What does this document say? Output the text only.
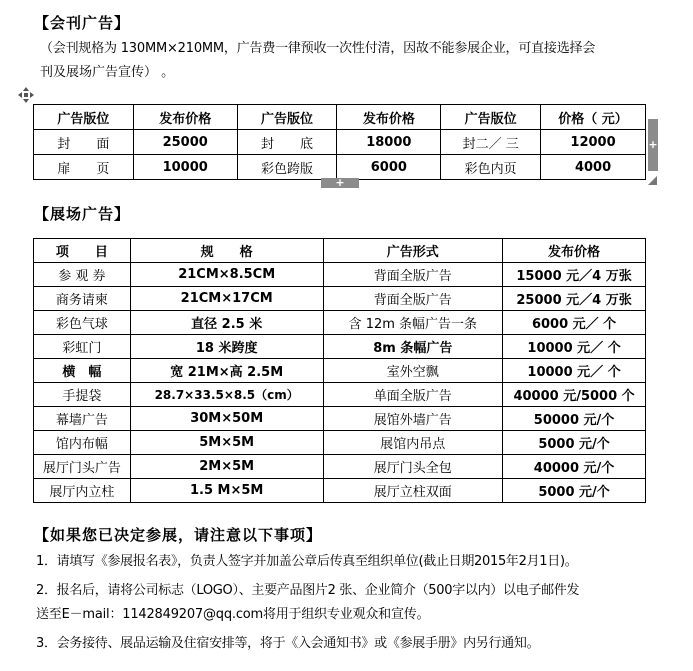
【会刊广告】
（会刊规格为 130MM×210MM，广告费一律预收一次性付清，因故不能参展企业，可直接选择会
刊及展场广告宣传） 。
广告版位	发布价格	广告版位	发布价格	广告版位	价格（ 元）
封　　面	25000	封　　底	18000	封二／ 三	12000
扉　　页	10000	彩色跨版	6000	彩色内页	4000
+
+
【展场广告】
项　　目	规　　格	广告形式	发布价格
参 观 券	21CM×8.5CM	背面全版广告	15000 元／4 万张
商务请柬	21CM×17CM	背面全版广告	25000 元／4 万张
彩色气球	直径 2.5 米	含 12m 条幅广告一条	6000 元／ 个
彩虹门	18 米跨度	8m 条幅广告	10000 元／ 个
横　幅	宽 21M×高 2.5M	室外空飘	10000 元／ 个
手提袋	28.7×33.5×8.5（cm）	单面全版广告	40000 元/5000 个
幕墙广告	30M×50M	展馆外墙广告	50000 元/个
馆内布幅	5M×5M	展馆内吊点	5000 元/个
展厅门头广告	2M×5M	展厅门头全包	40000 元/个
展厅内立柱	1.5 M×5M	展厅立柱双面	5000 元/个
【如果您已决定参展，请注意以下事项】
1．请填写《参展报名表》，负责人签字并加盖公章后传真至组织单位(截止日期2015年2月1日)。
2．报名后，请将公司标志（LOGO）、主要产品图片2 张、企业简介（500字以内）以电子邮件发
送至E－mail：1142849207@qq.com将用于组织专业观众和宣传。
3．会务接待、展品运输及住宿安排等，将于《入会通知书》或《参展手册》内另行通知。
